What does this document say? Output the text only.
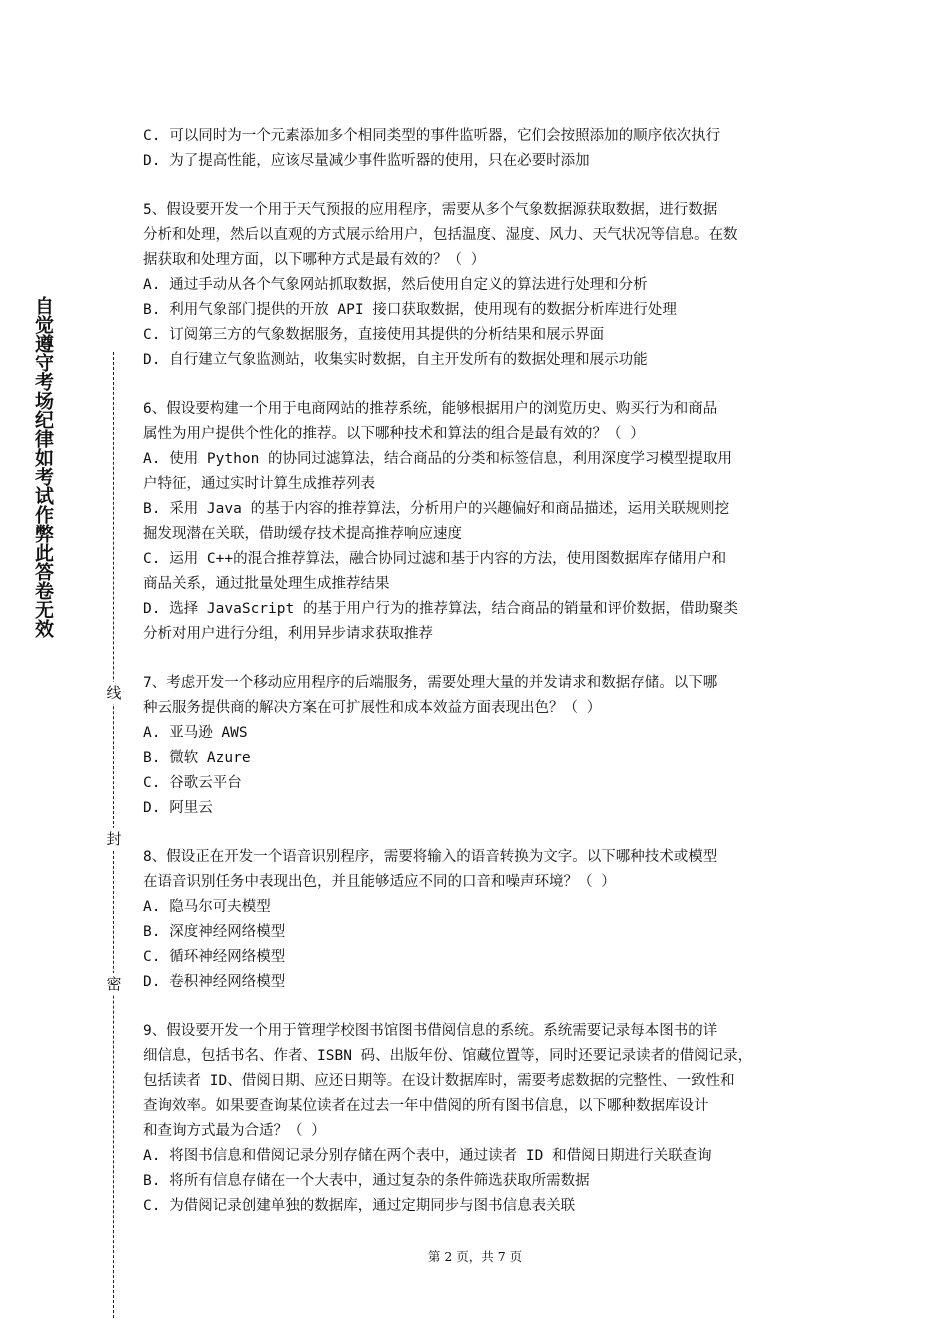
自觉遵守考场纪律如考试作弊此答卷无效
线
封
密
C. 可以同时为一个元素添加多个相同类型的事件监听器，它们会按照添加的顺序依次执行
D. 为了提高性能，应该尽量减少事件监听器的使用，只在必要时添加
5、假设要开发一个用于天气预报的应用程序，需要从多个气象数据源获取数据，进行数据
分析和处理，然后以直观的方式展示给用户，包括温度、湿度、风力、天气状况等信息。在数
据获取和处理方面，以下哪种方式是最有效的？（ ）
A. 通过手动从各个气象网站抓取数据，然后使用自定义的算法进行处理和分析
B. 利用气象部门提供的开放 API 接口获取数据，使用现有的数据分析库进行处理
C. 订阅第三方的气象数据服务，直接使用其提供的分析结果和展示界面
D. 自行建立气象监测站，收集实时数据，自主开发所有的数据处理和展示功能
6、假设要构建一个用于电商网站的推荐系统，能够根据用户的浏览历史、购买行为和商品
属性为用户提供个性化的推荐。以下哪种技术和算法的组合是最有效的？（ ）
A. 使用 Python 的协同过滤算法，结合商品的分类和标签信息，利用深度学习模型提取用
户特征，通过实时计算生成推荐列表
B. 采用 Java 的基于内容的推荐算法，分析用户的兴趣偏好和商品描述，运用关联规则挖
掘发现潜在关联，借助缓存技术提高推荐响应速度
C. 运用 C++的混合推荐算法，融合协同过滤和基于内容的方法，使用图数据库存储用户和
商品关系，通过批量处理生成推荐结果
D. 选择 JavaScript 的基于用户行为的推荐算法，结合商品的销量和评价数据，借助聚类
分析对用户进行分组，利用异步请求获取推荐
7、考虑开发一个移动应用程序的后端服务，需要处理大量的并发请求和数据存储。以下哪
种云服务提供商的解决方案在可扩展性和成本效益方面表现出色？（ ）
A. 亚马逊 AWS
B. 微软 Azure
C. 谷歌云平台
D. 阿里云
8、假设正在开发一个语音识别程序，需要将输入的语音转换为文字。以下哪种技术或模型
在语音识别任务中表现出色，并且能够适应不同的口音和噪声环境？（ ）
A. 隐马尔可夫模型
B. 深度神经网络模型
C. 循环神经网络模型
D. 卷积神经网络模型
9、假设要开发一个用于管理学校图书馆图书借阅信息的系统。系统需要记录每本图书的详
细信息，包括书名、作者、ISBN 码、出版年份、馆藏位置等，同时还要记录读者的借阅记录，
包括读者 ID、借阅日期、应还日期等。在设计数据库时，需要考虑数据的完整性、一致性和
查询效率。如果要查询某位读者在过去一年中借阅的所有图书信息，以下哪种数据库设计
和查询方式最为合适？（ ）
A. 将图书信息和借阅记录分别存储在两个表中，通过读者 ID 和借阅日期进行关联查询
B. 将所有信息存储在一个大表中，通过复杂的条件筛选获取所需数据
C. 为借阅记录创建单独的数据库，通过定期同步与图书信息表关联
第 2 页，共 7 页
